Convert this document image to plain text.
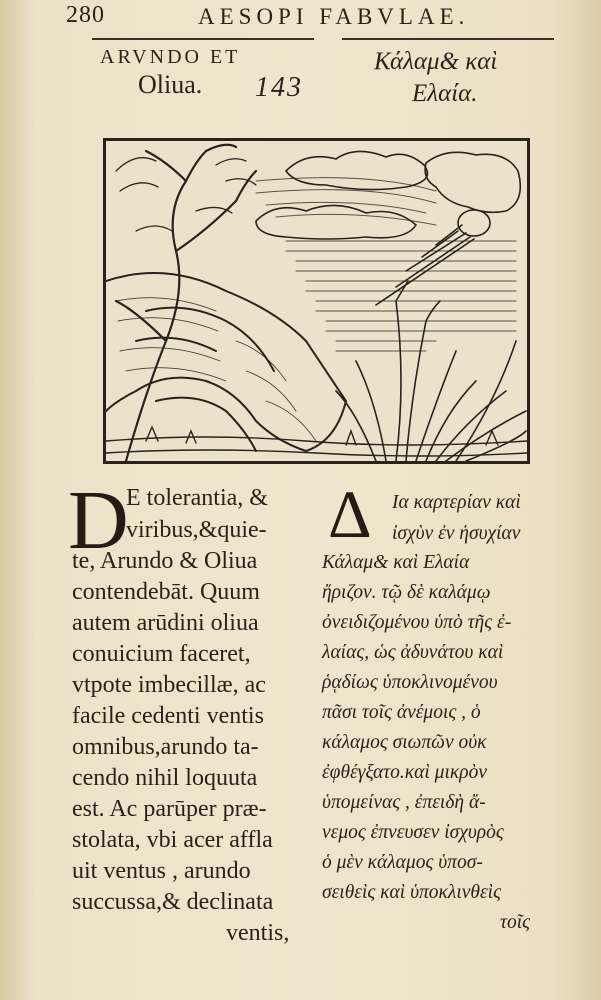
280	AESOPI FABVLAE.
ARVNDO ET
Oliua. 143
Κάλαμ& καὶ
Ελαία.
D
E tolerantia, &
viribus,&quie-
te, Arundo & Oliua
contendebāt. Quum
autem arūdini oliua
conuicium faceret,
vtpote imbecillæ, ac
facile cedenti ventis
omnibus,arundo ta-
cendo nihil loquuta
est. Ac parūper præ-
stolata, vbi acer affla
uit ventus , arundo
succussa,& declinata
ventis,
Δ Ια καρτερίαν καὶ
ἰσχὺν ἐν ἡσυχίαν
Κάλαμ& καὶ Ελαία
ἤριζον. τῷ δὲ καλάμῳ
ὀνειδιζομένου ὑπὸ τῆς ἐ-
λαίας, ὡς ἀδυνάτου καὶ
ῥᾳδίως ὑποκλινομένου
πᾶσι τοῖς ἀνέμοις , ὁ
κάλαμος σιωπῶν οὐκ
ἐφθέγξατο.καὶ μικρὸν
ὑπομείνας , ἐπειδὴ ἄ-
νεμος ἐπνευσεν ἰσχυρὸς
ὁ μὲν κάλαμος ὑποσ-
σειθεὶς καὶ ὑποκλινθεὶς
τοῖς
